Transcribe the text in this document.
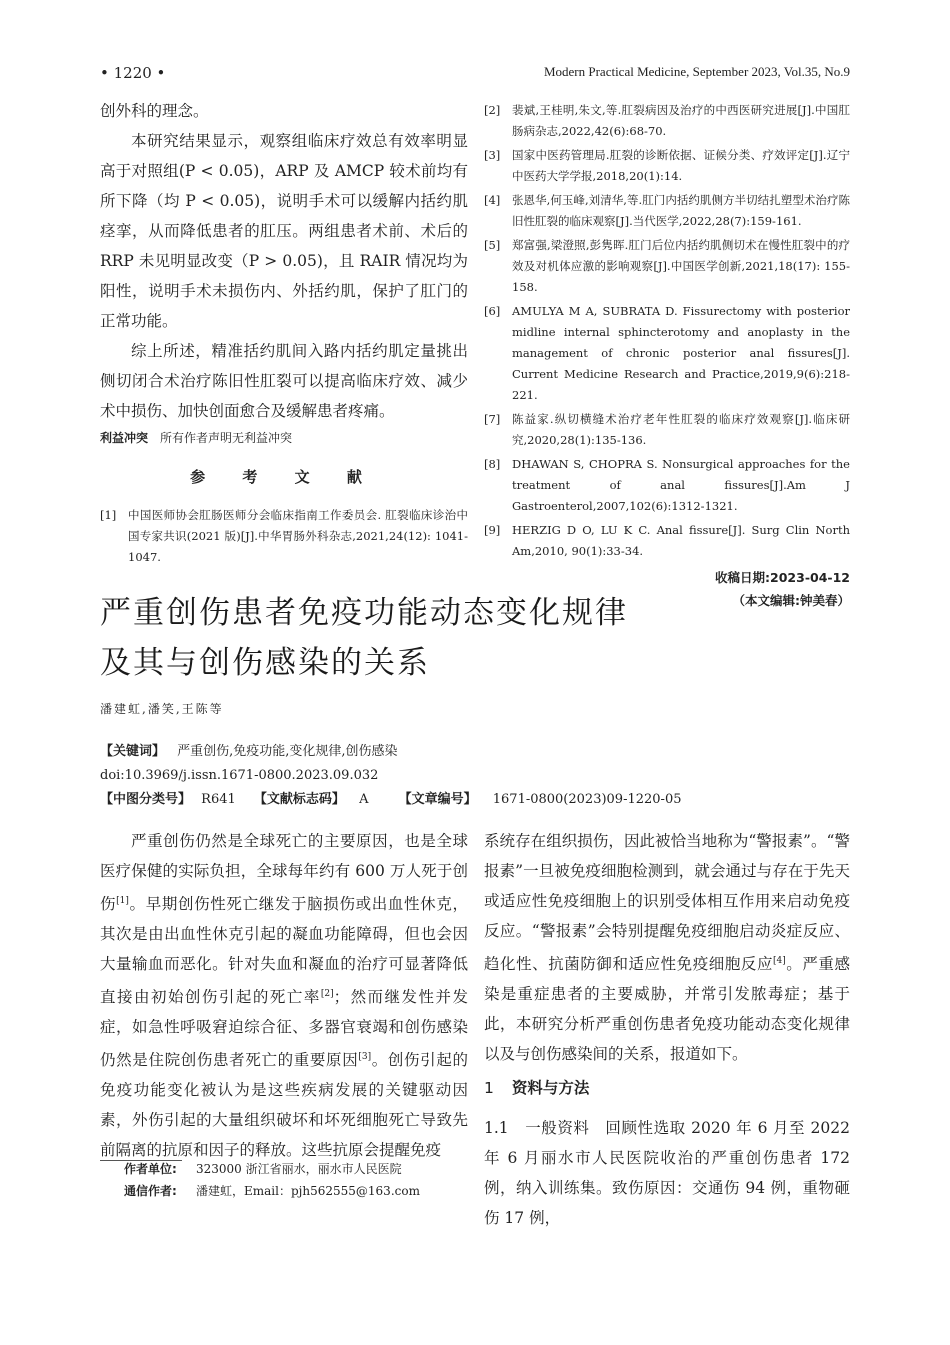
• 1220 •	Modern Practical Medicine, September 2023, Vol.35, No.9

创外科的理念。

本研究结果显示，观察组临床疗效总有效率明显高于对照组(P < 0.05)，ARP 及 AMCP 较术前均有所下降（均 P < 0.05)，说明手术可以缓解内括约肌痉挛，从而降低患者的肛压。两组患者术前、术后的 RRP 未见明显改变（P > 0.05)，且 RAIR 情况均为阳性，说明手术未损伤内、外括约肌，保护了肛门的正常功能。

综上所述，精准括约肌间入路内括约肌定量挑出侧切闭合术治疗陈旧性肛裂可以提高临床疗效、减少术中损伤、加快创面愈合及缓解患者疼痛。

利益冲突 所有作者声明无利益冲突
参 考 文 献
[1]	中国医师协会肛肠医师分会临床指南工作委员会. 肛裂临床诊治中国专家共识(2021 版)[J].中华胃肠外科杂志,2021,24(12): 1041-1047.
[2]	裴斌,王桂明,朱文,等.肛裂病因及治疗的中西医研究进展[J].中国肛肠病杂志,2022,42(6):68-70.
[3]	国家中医药管理局.肛裂的诊断依据、证候分类、疗效评定[J].辽宁中医药大学学报,2018,20(1):14.
[4]	张恩华,何玉峰,刘清华,等.肛门内括约肌侧方半切结扎塑型术治疗陈旧性肛裂的临床观察[J].当代医学,2022,28(7):159-161.
[5]	郑富强,梁澄照,彭隽晖.肛门后位内括约肌侧切术在慢性肛裂中的疗效及对机体应激的影响观察[J].中国医学创新,2021,18(17): 155-158.
[6]	AMULYA M A, SUBRATA D. Fissurectomy with posterior midline internal sphincterotomy and anoplasty in the management of chronic posterior anal fissures[J]. Current Medicine Research and Practice,2019,9(6):218-221.
[7]	陈益家.纵切横缝术治疗老年性肛裂的临床疗效观察[J].临床研究,2020,28(1):135-136.
[8]	DHAWAN S, CHOPRA S. Nonsurgical approaches for the treatment of anal fissures[J].Am J Gastroenterol,2007,102(6):1312-1321.
[9]	HERZIG D O, LU K C. Anal fissure[J]. Surg Clin North Am,2010, 90(1):33-34.
收稿日期:2023-04-12
（本文编辑:钟美春）
严重创伤患者免疫功能动态变化规律
及其与创伤感染的关系
潘建虹,潘笑,王陈等
【关键词】 严重创伤,免疫功能,变化规律,创伤感染
doi:10.3969/j.issn.1671-0800.2023.09.032
【中图分类号】 R641 【文献标志码】 A 【文章编号】 1671-0800(2023)09-1220-05

严重创伤仍然是全球死亡的主要原因，也是全球医疗保健的实际负担，全球每年约有 600 万人死于创伤[1]。早期创伤性死亡继发于脑损伤或出血性休克，其次是由出血性休克引起的凝血功能障碍，但也会因大量输血而恶化。针对失血和凝血的治疗可显著降低直接由初始创伤引起的死亡率[2]；然而继发性并发症，如急性呼吸窘迫综合征、多器官衰竭和创伤感染仍然是住院创伤患者死亡的重要原因[3]。创伤引起的免疫功能变化被认为是这些疾病发展的关键驱动因素，外伤引起的大量组织破坏和坏死细胞死亡导致先前隔离的抗原和因子的释放。这些抗原会提醒免疫

系统存在组织损伤，因此被恰当地称为“警报素”。“警报素”一旦被免疫细胞检测到，就会通过与存在于先天或适应性免疫细胞上的识别受体相互作用来启动免疫反应。“警报素”会特别提醒免疫细胞启动炎症反应、趋化性、抗菌防御和适应性免疫细胞反应[4]。严重感染是重症患者的主要威胁，并常引发脓毒症；基于此，本研究分析严重创伤患者免疫功能动态变化规律以及与创伤感染间的关系，报道如下。

1 资料与方法

1.1 一般资料 回顾性选取 2020 年 6 月至 2022 年 6 月丽水市人民医院收治的严重创伤患者 172 例，纳入训练集。致伤原因：交通伤 94 例，重物砸伤 17 例，

作者单位: 323000 浙江省丽水，丽水市人民医院
通信作者: 潘建虹，Email：pjh562555@163.com
